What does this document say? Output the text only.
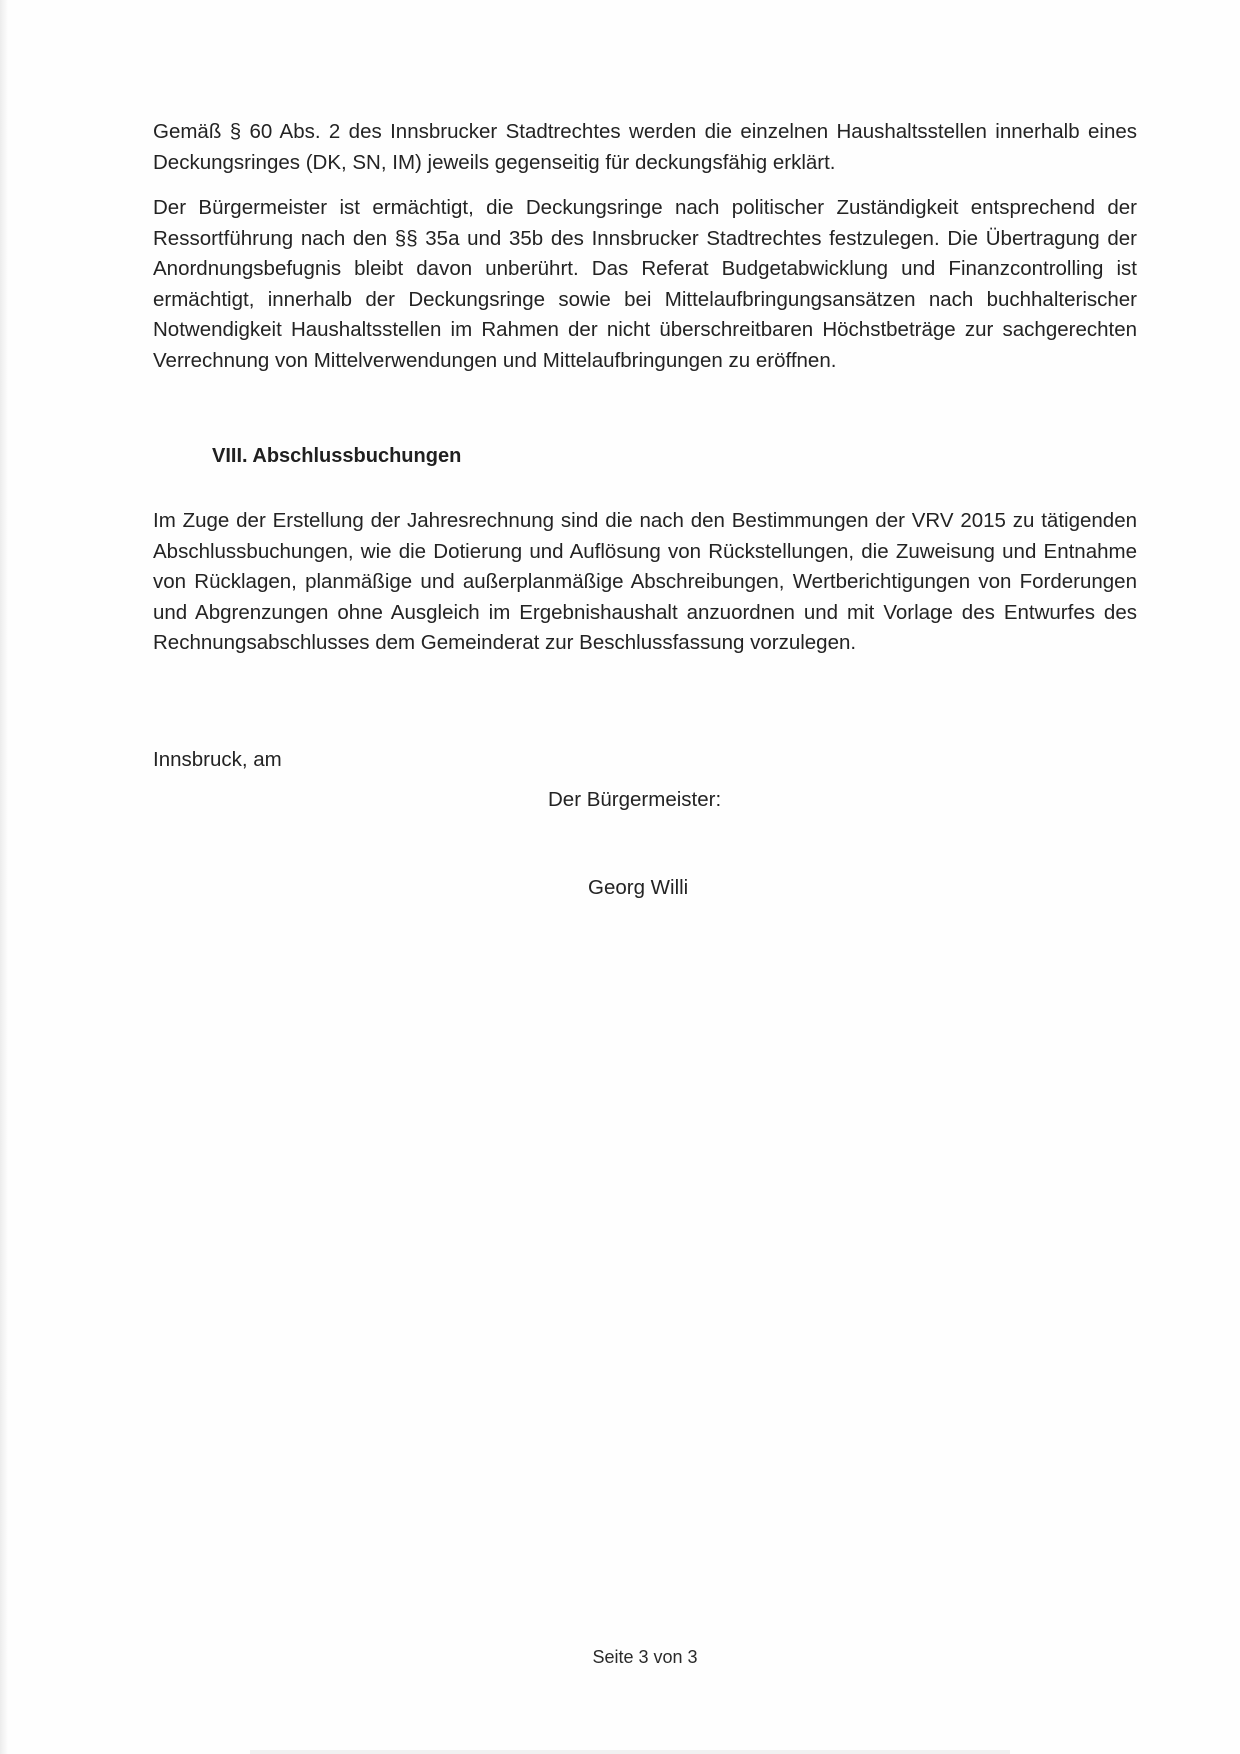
Gemäß § 60 Abs. 2 des Innsbrucker Stadtrechtes werden die einzelnen Haushaltsstellen innerhalb eines Deckungsringes (DK, SN, IM) jeweils gegenseitig für deckungsfähig erklärt.

Der Bürgermeister ist ermächtigt, die Deckungsringe nach politischer Zuständigkeit entsprechend der Ressortführung nach den §§ 35a und 35b des Innsbrucker Stadtrechtes festzulegen. Die Übertragung der Anordnungsbefugnis bleibt davon unberührt. Das Referat Budgetabwicklung und Finanzcontrolling ist ermächtigt, innerhalb der Deckungsringe sowie bei Mittelaufbringungsansätzen nach buchhalterischer Notwendigkeit Haushaltsstellen im Rahmen der nicht überschreitbaren Höchstbeträge zur sachgerechten Verrechnung von Mittelverwendungen und Mittelaufbringungen zu eröffnen.

VIII. Abschlussbuchungen

Im Zuge der Erstellung der Jahresrechnung sind die nach den Bestimmungen der VRV 2015 zu tätigenden Abschlussbuchungen, wie die Dotierung und Auflösung von Rückstellungen, die Zuweisung und Entnahme von Rücklagen, planmäßige und außerplanmäßige Abschreibungen, Wertberichtigungen von Forderungen und Abgrenzungen ohne Ausgleich im Ergebnishaushalt anzuordnen und mit Vorlage des Entwurfes des Rechnungsabschlusses dem Gemeinderat zur Beschlussfassung vorzulegen.

Innsbruck, am

Der Bürgermeister:

Georg Willi

Seite 3 von 3
